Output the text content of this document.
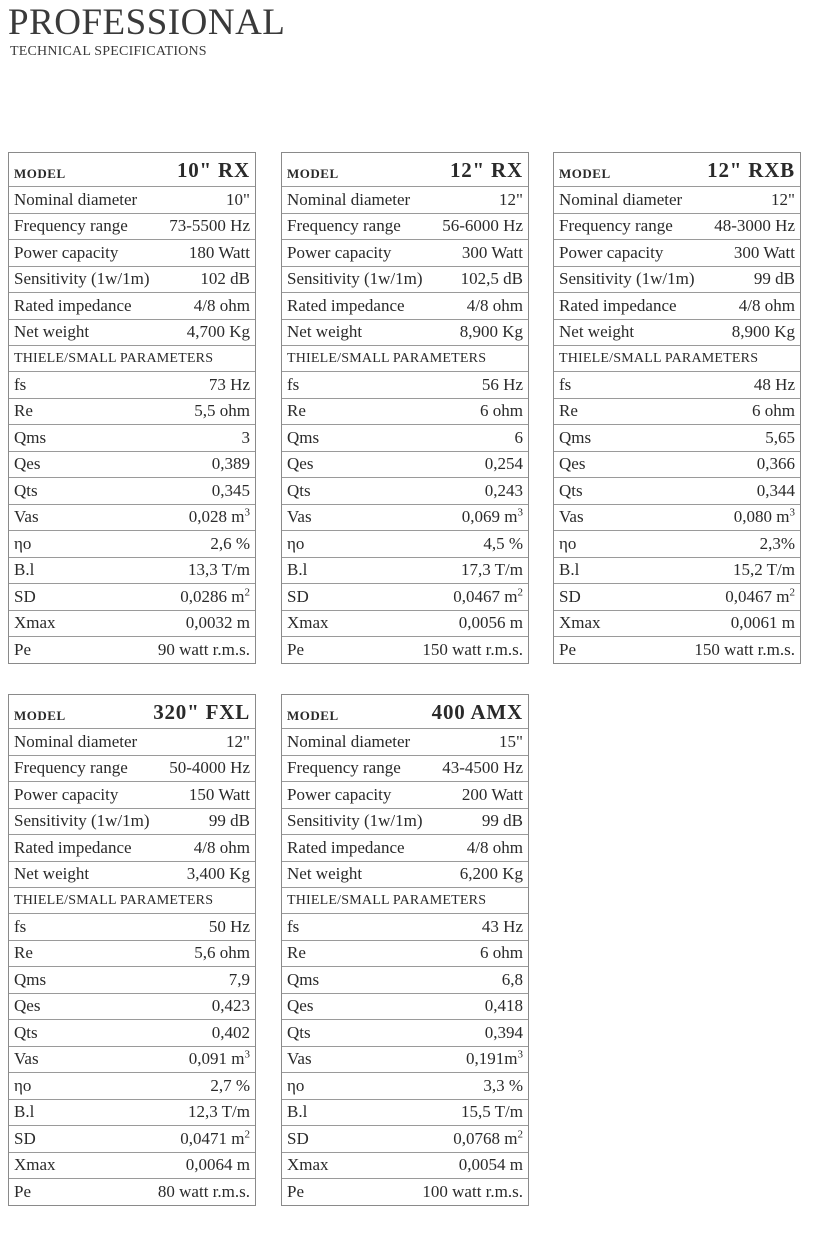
PROFESSIONAL
TECHNICAL SPECIFICATIONS
MODEL	10" RX
Nominal diameter	10"
Frequency range 73-5500 Hz
Power capacity	180 Watt
Sensitivity (1w/1m)	102 dB
Rated impedance	4/8 ohm
Net weight	4,700 Kg
THIELE/SMALL PARAMETERS
fs	73 Hz
Re	5,5 ohm
Qms	3
Qes	0,389
Qts	0,345
Vas	0,028 $m^3$
ηo	2,6 %
B.l	13,3 T/m
SD	0,0286 $m^2$
Xmax	0,0032 m
Pe	90 watt r.m.s.
MODEL	12" RX
Nominal diameter	12"
Frequency range 56-6000 Hz
Power capacity	300 Watt
Sensitivity (1w/1m) 102,5 dB
Rated impedance	4/8 ohm
Net weight	8,900 Kg
THIELE/SMALL PARAMETERS
fs	56 Hz
Re	6 ohm
Qms	6
Qes	0,254
Qts	0,243
Vas	0,069 $m^3$
ηo	4,5 %
B.l	17,3 T/m
SD	0,0467 $m^2$
Xmax	0,0056 m
Pe	150 watt r.m.s.
MODEL	12" RXB
Nominal diameter	12"
Frequency range 48-3000 Hz
Power capacity	300 Watt
Sensitivity (1w/1m)	99 dB
Rated impedance	4/8 ohm
Net weight	8,900 Kg
THIELE/SMALL PARAMETERS
fs	48 Hz
Re	6 ohm
Qms	5,65
Qes	0,366
Qts	0,344
Vas	0,080 $m^3$
ηo	2,3%
B.l	15,2 T/m
SD	0,0467 $m^2$
Xmax	0,0061 m
Pe	150 watt r.m.s.
MODEL	320" FXL
Nominal diameter	12"
Frequency range 50-4000 Hz
Power capacity	150 Watt
Sensitivity (1w/1m)	99 dB
Rated impedance	4/8 ohm
Net weight	3,400 Kg
THIELE/SMALL PARAMETERS
fs	50 Hz
Re	5,6 ohm
Qms	7,9
Qes	0,423
Qts	0,402
Vas	0,091 $m^3$
ηo	2,7 %
B.l	12,3 T/m
SD	0,0471 $m^2$
Xmax	0,0064 m
Pe	80 watt r.m.s.
MODEL	400 AMX
Nominal diameter	15"
Frequency range 43-4500 Hz
Power capacity	200 Watt
Sensitivity (1w/1m)	99 dB
Rated impedance	4/8 ohm
Net weight	6,200 Kg
THIELE/SMALL PARAMETERS
fs	43 Hz
Re	6 ohm
Qms	6,8
Qes	0,418
Qts	0,394
Vas	$0,191m^3$
ηo	3,3 %
B.l	15,5 T/m
SD	0,0768 $m^2$
Xmax	0,0054 m
Pe	100 watt r.m.s.
